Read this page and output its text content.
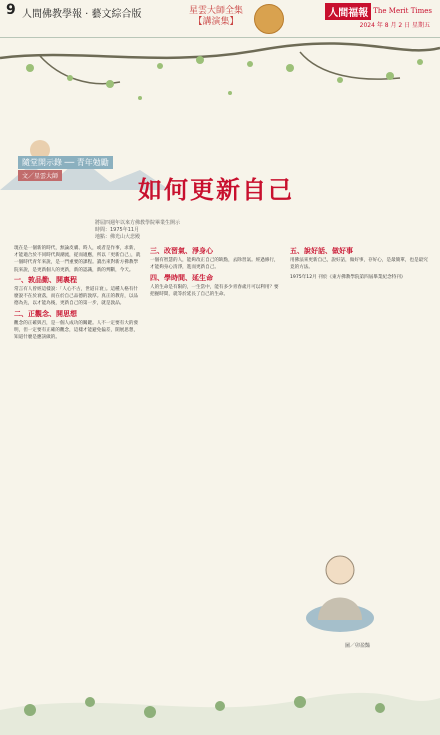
9 人間佛教學報 ‧ 藝文綜合版	星雲大師全集
【講演集】
人間福報 The Merit Times
2024 年 8 月 2 日 星期五
隨堂開示錄 ── 青年勉勵
文／星雲大師	如何更新自己
將屆四週年以來方佛教學院畢業生開示
時間：1975年11月
地點：佛光山大悲殿

現在是一個新的時代，無論皮膚、時人，或者是作事，求新，才能適合於不同時代與潮流，從而適應，所以「更新自己」，就一個時代青年來說，是一門重要的課程。讀出來對新方佛教學院來說，是更新個人的更新，新的認識，新的判斷，今天。

一、敦品勤、開裏程

常言有人曾經這樣說：「人心不古，世道日衰」。這種人格有什麼說不在於衰落，而在於自己品德的敦厚。真正的教育，以品德為先，以才能為後，更新自己的第一步，就是敦品。

二、正觀念、開思想

觀念的正確與否，是一個人成功的關鍵。人不一定要有大的發明，但一定要有正確的觀念，這樣才能避免偏差，開展思想，知道什麼是應該做的。

三、改習氣、淨身心

一個有智慧的人，能夠改正自己的缺點，去除習氣。經過修行，才能夠身心清淨，進而更新自己。

四、學時間、延生命

人的生命是有限的，一生當中，能有多少青春歲月可以利用？要把握時間，就等於延長了自己的生命。

五、說好話、做好事

用佛法來更新自己，說好話，做好事，存好心，是最簡單，也是最究竟的方法。

1975年12月 刊於《東方佛教學院第四屆畢業紀念特刊》

圖／卯盈豔
